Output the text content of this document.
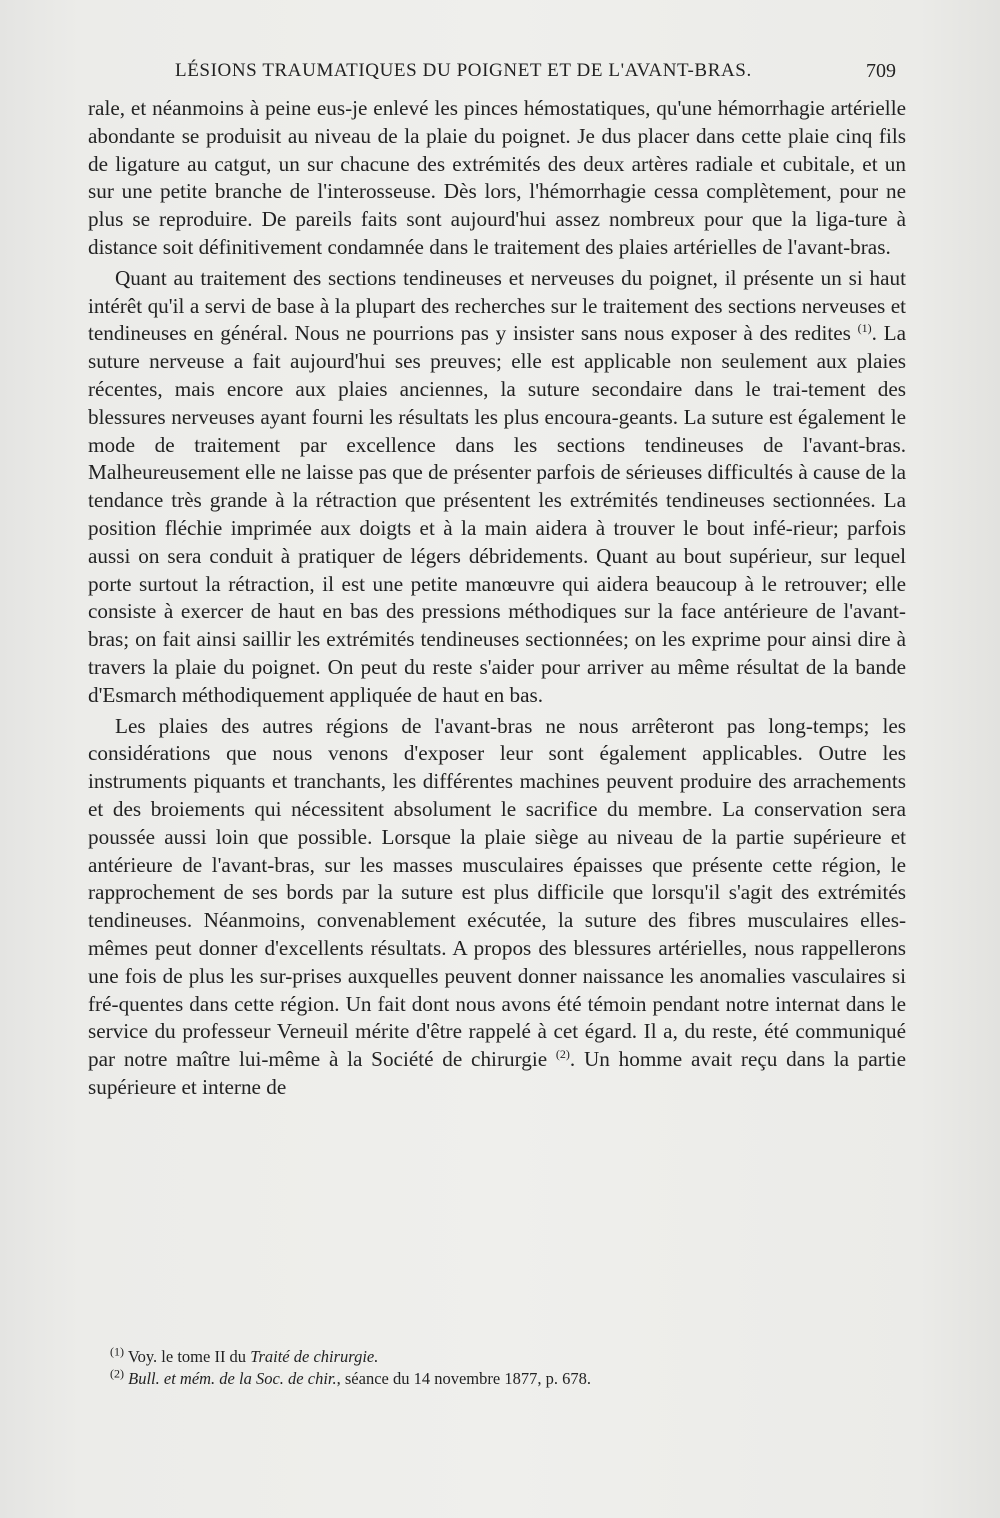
LÉSIONS TRAUMATIQUES DU POIGNET ET DE L'AVANT-BRAS.	709

rale, et néanmoins à peine eus-je enlevé les pinces hémostatiques, qu'une hémorrhagie artérielle abondante se produisit au niveau de la plaie du poignet. Je dus placer dans cette plaie cinq fils de ligature au catgut, un sur chacune des extrémités des deux artères radiale et cubitale, et un sur une petite branche de l'interosseuse. Dès lors, l'hémorrhagie cessa complètement, pour ne plus se reproduire. De pareils faits sont aujourd'hui assez nombreux pour que la liga-ture à distance soit définitivement condamnée dans le traitement des plaies artérielles de l'avant-bras.

Quant au traitement des sections tendineuses et nerveuses du poignet, il présente un si haut intérêt qu'il a servi de base à la plupart des recherches sur le traitement des sections nerveuses et tendineuses en général. Nous ne pourrions pas y insister sans nous exposer à des redites $^{(1)}$. La suture nerveuse a fait aujourd'hui ses preuves; elle est applicable non seulement aux plaies récentes, mais encore aux plaies anciennes, la suture secondaire dans le trai-tement des blessures nerveuses ayant fourni les résultats les plus encoura-geants. La suture est également le mode de traitement par excellence dans les sections tendineuses de l'avant-bras. Malheureusement elle ne laisse pas que de présenter parfois de sérieuses difficultés à cause de la tendance très grande à la rétraction que présentent les extrémités tendineuses sectionnées. La position fléchie imprimée aux doigts et à la main aidera à trouver le bout infé-rieur; parfois aussi on sera conduit à pratiquer de légers débridements. Quant au bout supérieur, sur lequel porte surtout la rétraction, il est une petite manœuvre qui aidera beaucoup à le retrouver; elle consiste à exercer de haut en bas des pressions méthodiques sur la face antérieure de l'avant-bras; on fait ainsi saillir les extrémités tendineuses sectionnées; on les exprime pour ainsi dire à travers la plaie du poignet. On peut du reste s'aider pour arriver au même résultat de la bande d'Esmarch méthodiquement appliquée de haut en bas.

Les plaies des autres régions de l'avant-bras ne nous arrêteront pas long-temps; les considérations que nous venons d'exposer leur sont également applicables. Outre les instruments piquants et tranchants, les différentes machines peuvent produire des arrachements et des broiements qui nécessitent absolument le sacrifice du membre. La conservation sera poussée aussi loin que possible. Lorsque la plaie siège au niveau de la partie supérieure et antérieure de l'avant-bras, sur les masses musculaires épaisses que présente cette région, le rapprochement de ses bords par la suture est plus difficile que lorsqu'il s'agit des extrémités tendineuses. Néanmoins, convenablement exécutée, la suture des fibres musculaires elles-mêmes peut donner d'excellents résultats. A propos des blessures artérielles, nous rappellerons une fois de plus les sur-prises auxquelles peuvent donner naissance les anomalies vasculaires si fré-quentes dans cette région. Un fait dont nous avons été témoin pendant notre internat dans le service du professeur Verneuil mérite d'être rappelé à cet égard. Il a, du reste, été communiqué par notre maître lui-même à la Société de chirurgie $^{(2)}$. Un homme avait reçu dans la partie supérieure et interne de

$^{(1)}$ Voy. le tome II du Traité de chirurgie.
$^{(2)}$ Bull. et mém. de la Soc. de chir., séance du 14 novembre 1877, p. 678.
